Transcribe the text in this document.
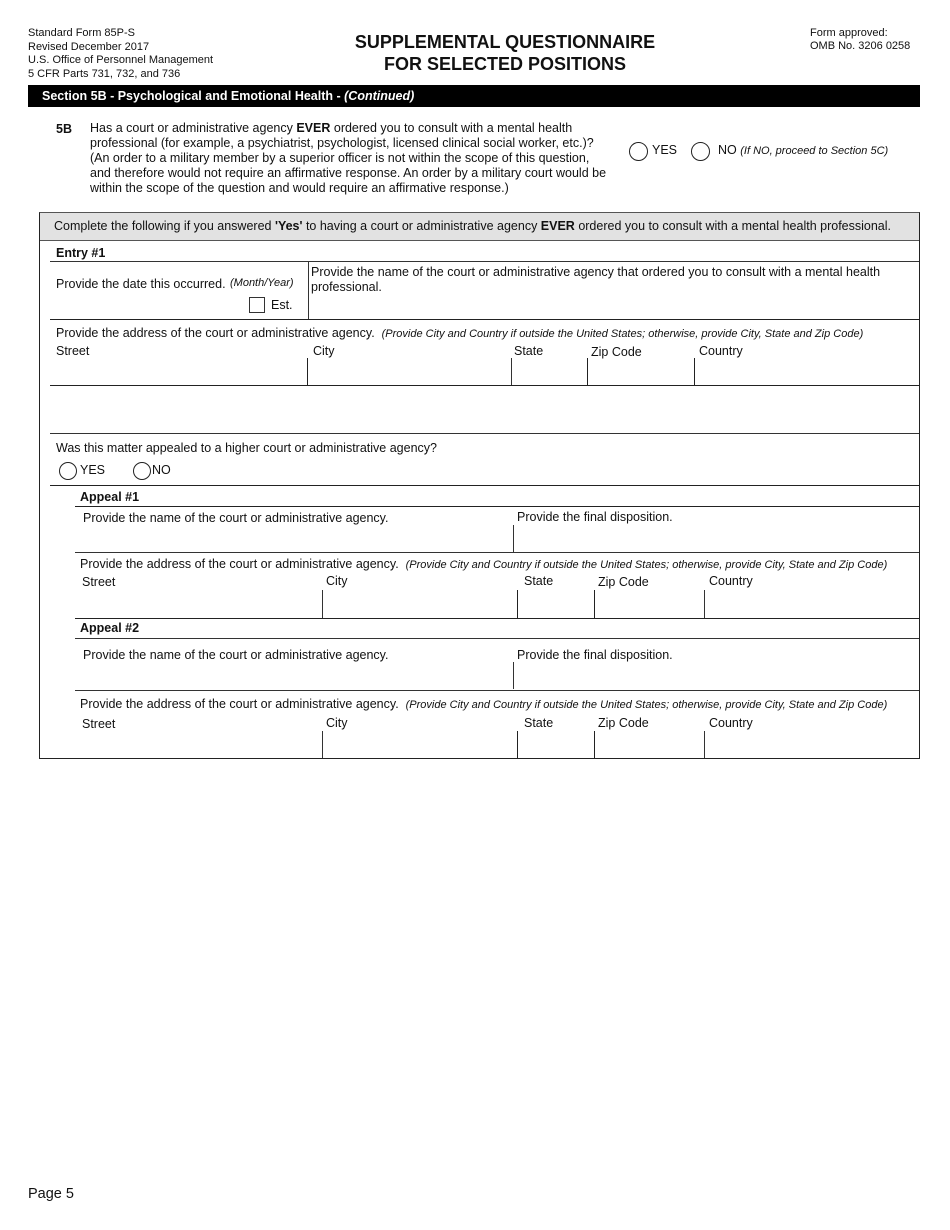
Standard Form 85P-S
Revised December 2017
U.S. Office of Personnel Management
5 CFR Parts 731, 732, and 736
SUPPLEMENTAL QUESTIONNAIRE
FOR SELECTED POSITIONS
Form approved:
OMB No. 3206 0258
Section 5B - Psychological and Emotional Health - (Continued)
5B Has a court or administrative agency EVER ordered you to consult with a mental health
professional (for example, a psychiatrist, psychologist, licensed clinical social worker, etc.)?
(An order to a military member by a superior officer is not within the scope of this question,
and therefore would not require an affirmative response. An order by a military court would be
within the scope of the question and would require an affirmative response.)
YES	NO (If NO, proceed to Section 5C)
Complete the following if you answered 'Yes' to having a court or administrative agency EVER ordered you to consult with a mental health professional.
Entry #1
Provide the date this occurred. (Month/Year)
Est.
Provide the name of the court or administrative agency that ordered you to consult with a mental health
professional.
Provide the address of the court or administrative agency. (Provide City and Country if outside the United States; otherwise, provide City, State and Zip Code)
Street	City	State	Zip Code	Country
Was this matter appealed to a higher court or administrative agency?
YES	NO
Appeal #1
Provide the name of the court or administrative agency.	Provide the final disposition.
Provide the address of the court or administrative agency. (Provide City and Country if outside the United States; otherwise, provide City, State and Zip Code)
Street	City	State	Zip Code	Country
Appeal #2
Provide the name of the court or administrative agency.	Provide the final disposition.
Provide the address of the court or administrative agency. (Provide City and Country if outside the United States; otherwise, provide City, State and Zip Code)
Street	City	State	Zip Code	Country
Page 5
